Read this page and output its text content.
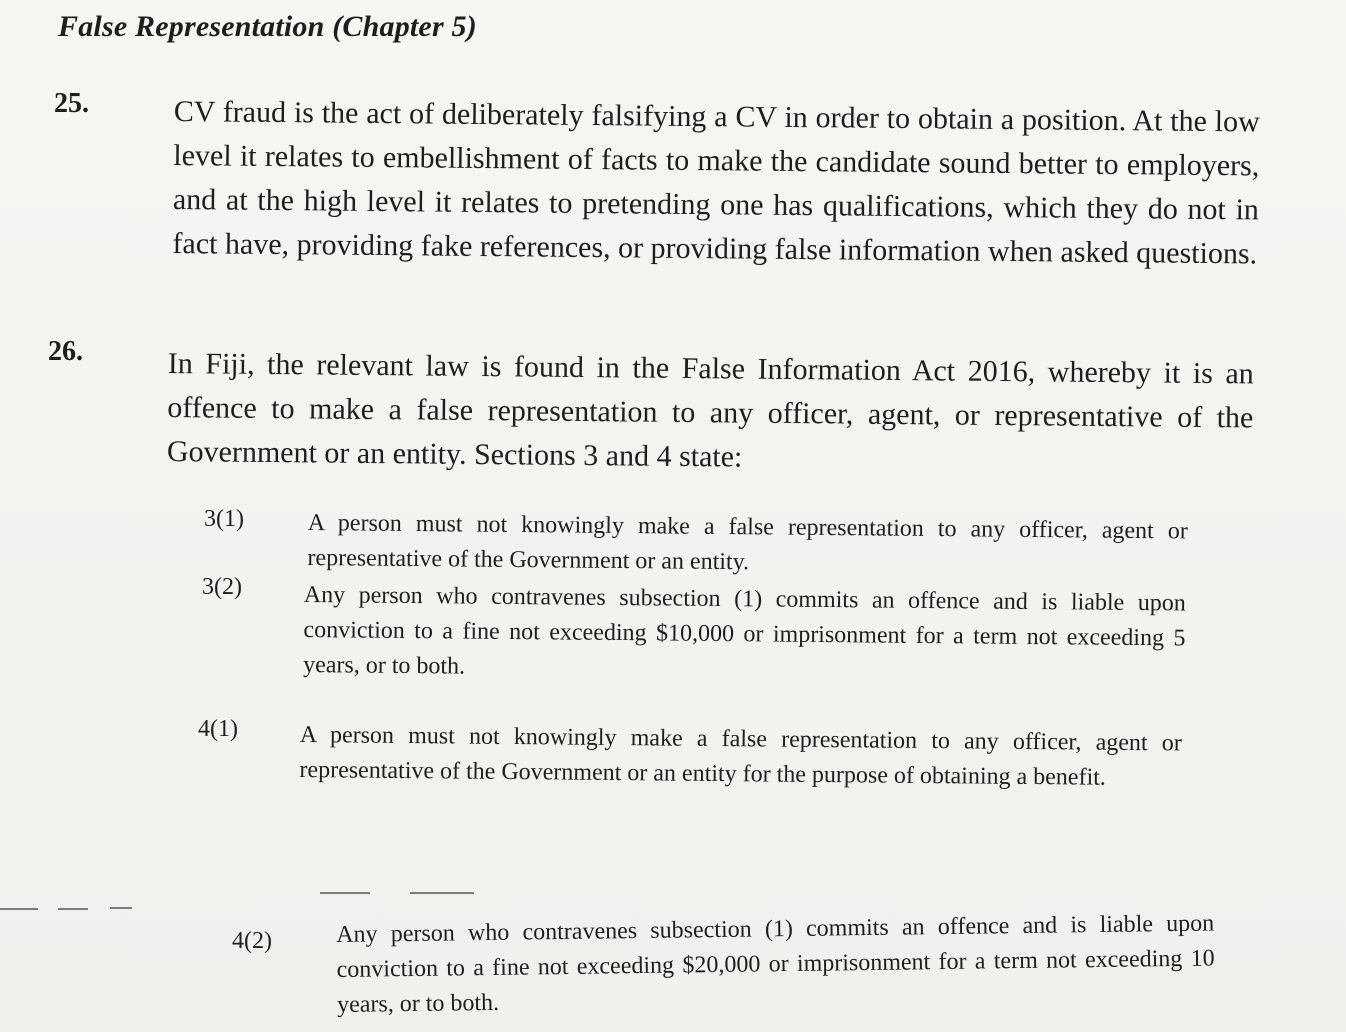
False Representation (Chapter 5)
25.	CV fraud is the act of deliberately falsifying a CV in order to obtain a position. At the low level it relates to embellishment of facts to make the candidate sound better to employers, and at the high level it relates to pretending one has qualifications, which they do not in fact have, providing fake references, or providing false information when asked questions.
26.	In Fiji, the relevant law is found in the False Information Act 2016, whereby it is an offence to make a false representation to any officer, agent, or representative of the Government or an entity. Sections 3 and 4 state:
3(1)	A person must not knowingly make a false representation to any officer, agent or representative of the Government or an entity.
3(2)	Any person who contravenes subsection (1) commits an offence and is liable upon conviction to a fine not exceeding $10,000 or imprisonment for a term not exceeding 5 years, or to both.
4(1)	A person must not knowingly make a false representation to any officer, agent or representative of the Government or an entity for the purpose of obtaining a benefit.
4(2)	Any person who contravenes subsection (1) commits an offence and is liable upon conviction to a fine not exceeding $20,000 or imprisonment for a term not exceeding 10 years, or to both.
